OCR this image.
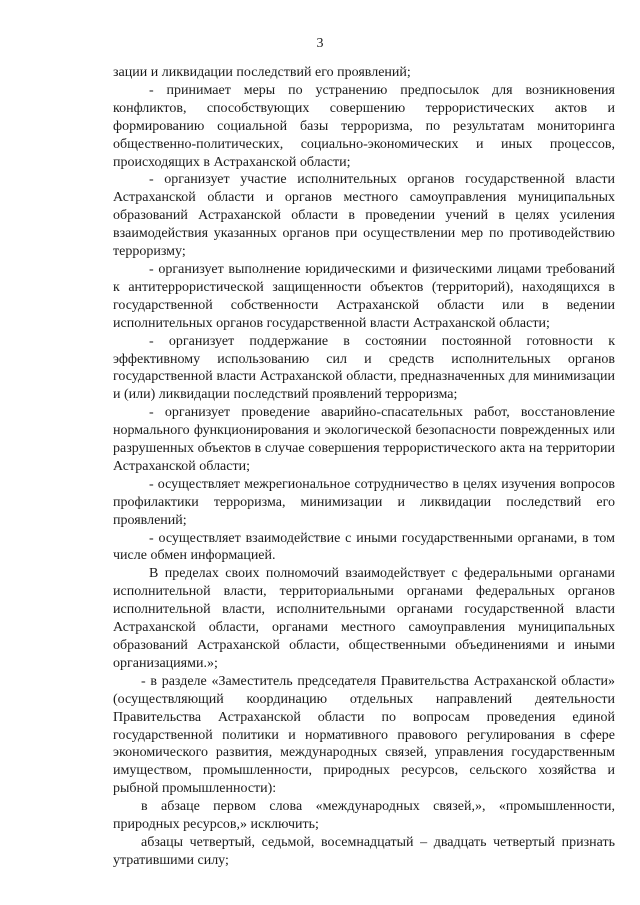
3

зации и ликвидации последствий его проявлений;

- принимает меры по устранению предпосылок для возникновения конфликтов, способствующих совершению террористических актов и формированию социальной базы терроризма, по результатам мониторинга общественно-политических, социально-экономических и иных процессов, происходящих в Астраханской области;

- организует участие исполнительных органов государственной власти Астраханской области и органов местного самоуправления муниципальных образований Астраханской области в проведении учений в целях усиления взаимодействия указанных органов при осуществлении мер по противодействию терроризму;

- организует выполнение юридическими и физическими лицами требований к антитеррористической защищенности объектов (территорий), находящихся в государственной собственности Астраханской области или в ведении исполнительных органов государственной власти Астраханской области;

- организует поддержание в состоянии постоянной готовности к эффективному использованию сил и средств исполнительных органов государственной власти Астраханской области, предназначенных для минимизации и (или) ликвидации последствий проявлений терроризма;

- организует проведение аварийно-спасательных работ, восстановление нормального функционирования и экологической безопасности поврежденных или разрушенных объектов в случае совершения террористического акта на территории Астраханской области;

- осуществляет межрегиональное сотрудничество в целях изучения вопросов профилактики терроризма, минимизации и ликвидации последствий его проявлений;

- осуществляет взаимодействие с иными государственными органами, в том числе обмен информацией.

В пределах своих полномочий взаимодействует с федеральными органами исполнительной власти, территориальными органами федеральных органов исполнительной власти, исполнительными органами государственной власти Астраханской области, органами местного самоуправления муниципальных образований Астраханской области, общественными объединениями и иными организациями.»;

- в разделе «Заместитель председателя Правительства Астраханской области» (осуществляющий координацию отдельных направлений деятельности Правительства Астраханской области по вопросам проведения единой государственной политики и нормативного правового регулирования в сфере экономического развития, международных связей, управления государственным имуществом, промышленности, природных ресурсов, сельского хозяйства и рыбной промышленности):

в абзаце первом слова «международных связей,», «промышленности, природных ресурсов,» исключить;

абзацы четвертый, седьмой, восемнадцатый – двадцать четвертый признать утратившими силу;
